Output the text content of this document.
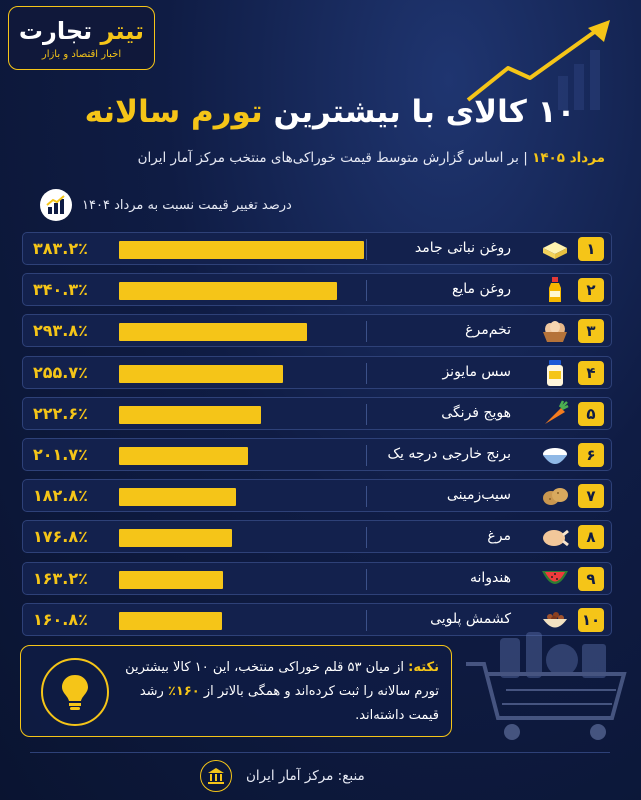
تیتر تجارت
اخبار اقتصاد و بازار
۱۰ کالای با بیشترین تورم سالانه
مرداد ۱۴۰۵ | بر اساس گزارش متوسط قیمت خوراکی‌های منتخب مرکز آمار ایران
درصد تغییر قیمت نسبت به مرداد ۱۴۰۴
۳۸۳.۲٪	روغن نباتی جامد	۱
۳۴۰.۳٪	روغن مایع	۲
۲۹۳.۸٪	تخم‌مرغ	۳
۲۵۵.۷٪	سس مایونز	۴
۲۲۲.۶٪	هویج فرنگی	۵
۲۰۱.۷٪	برنج خارجی درجه یک	۶
۱۸۲.۸٪	سیب‌زمینی	۷
۱۷۶.۸٪	مرغ	۸
۱۶۳.۲٪	هندوانه	۹
۱۶۰.۸٪	کشمش پلویی	۱۰
نکته: از میان ۵۳ قلم خوراکی منتخب، این ۱۰ کالا بیشترین تورم سالانه را ثبت کرده‌اند و همگی بالاتر از ۱۶۰٪ رشد قیمت داشته‌اند.
منبع: مرکز آمار ایران
